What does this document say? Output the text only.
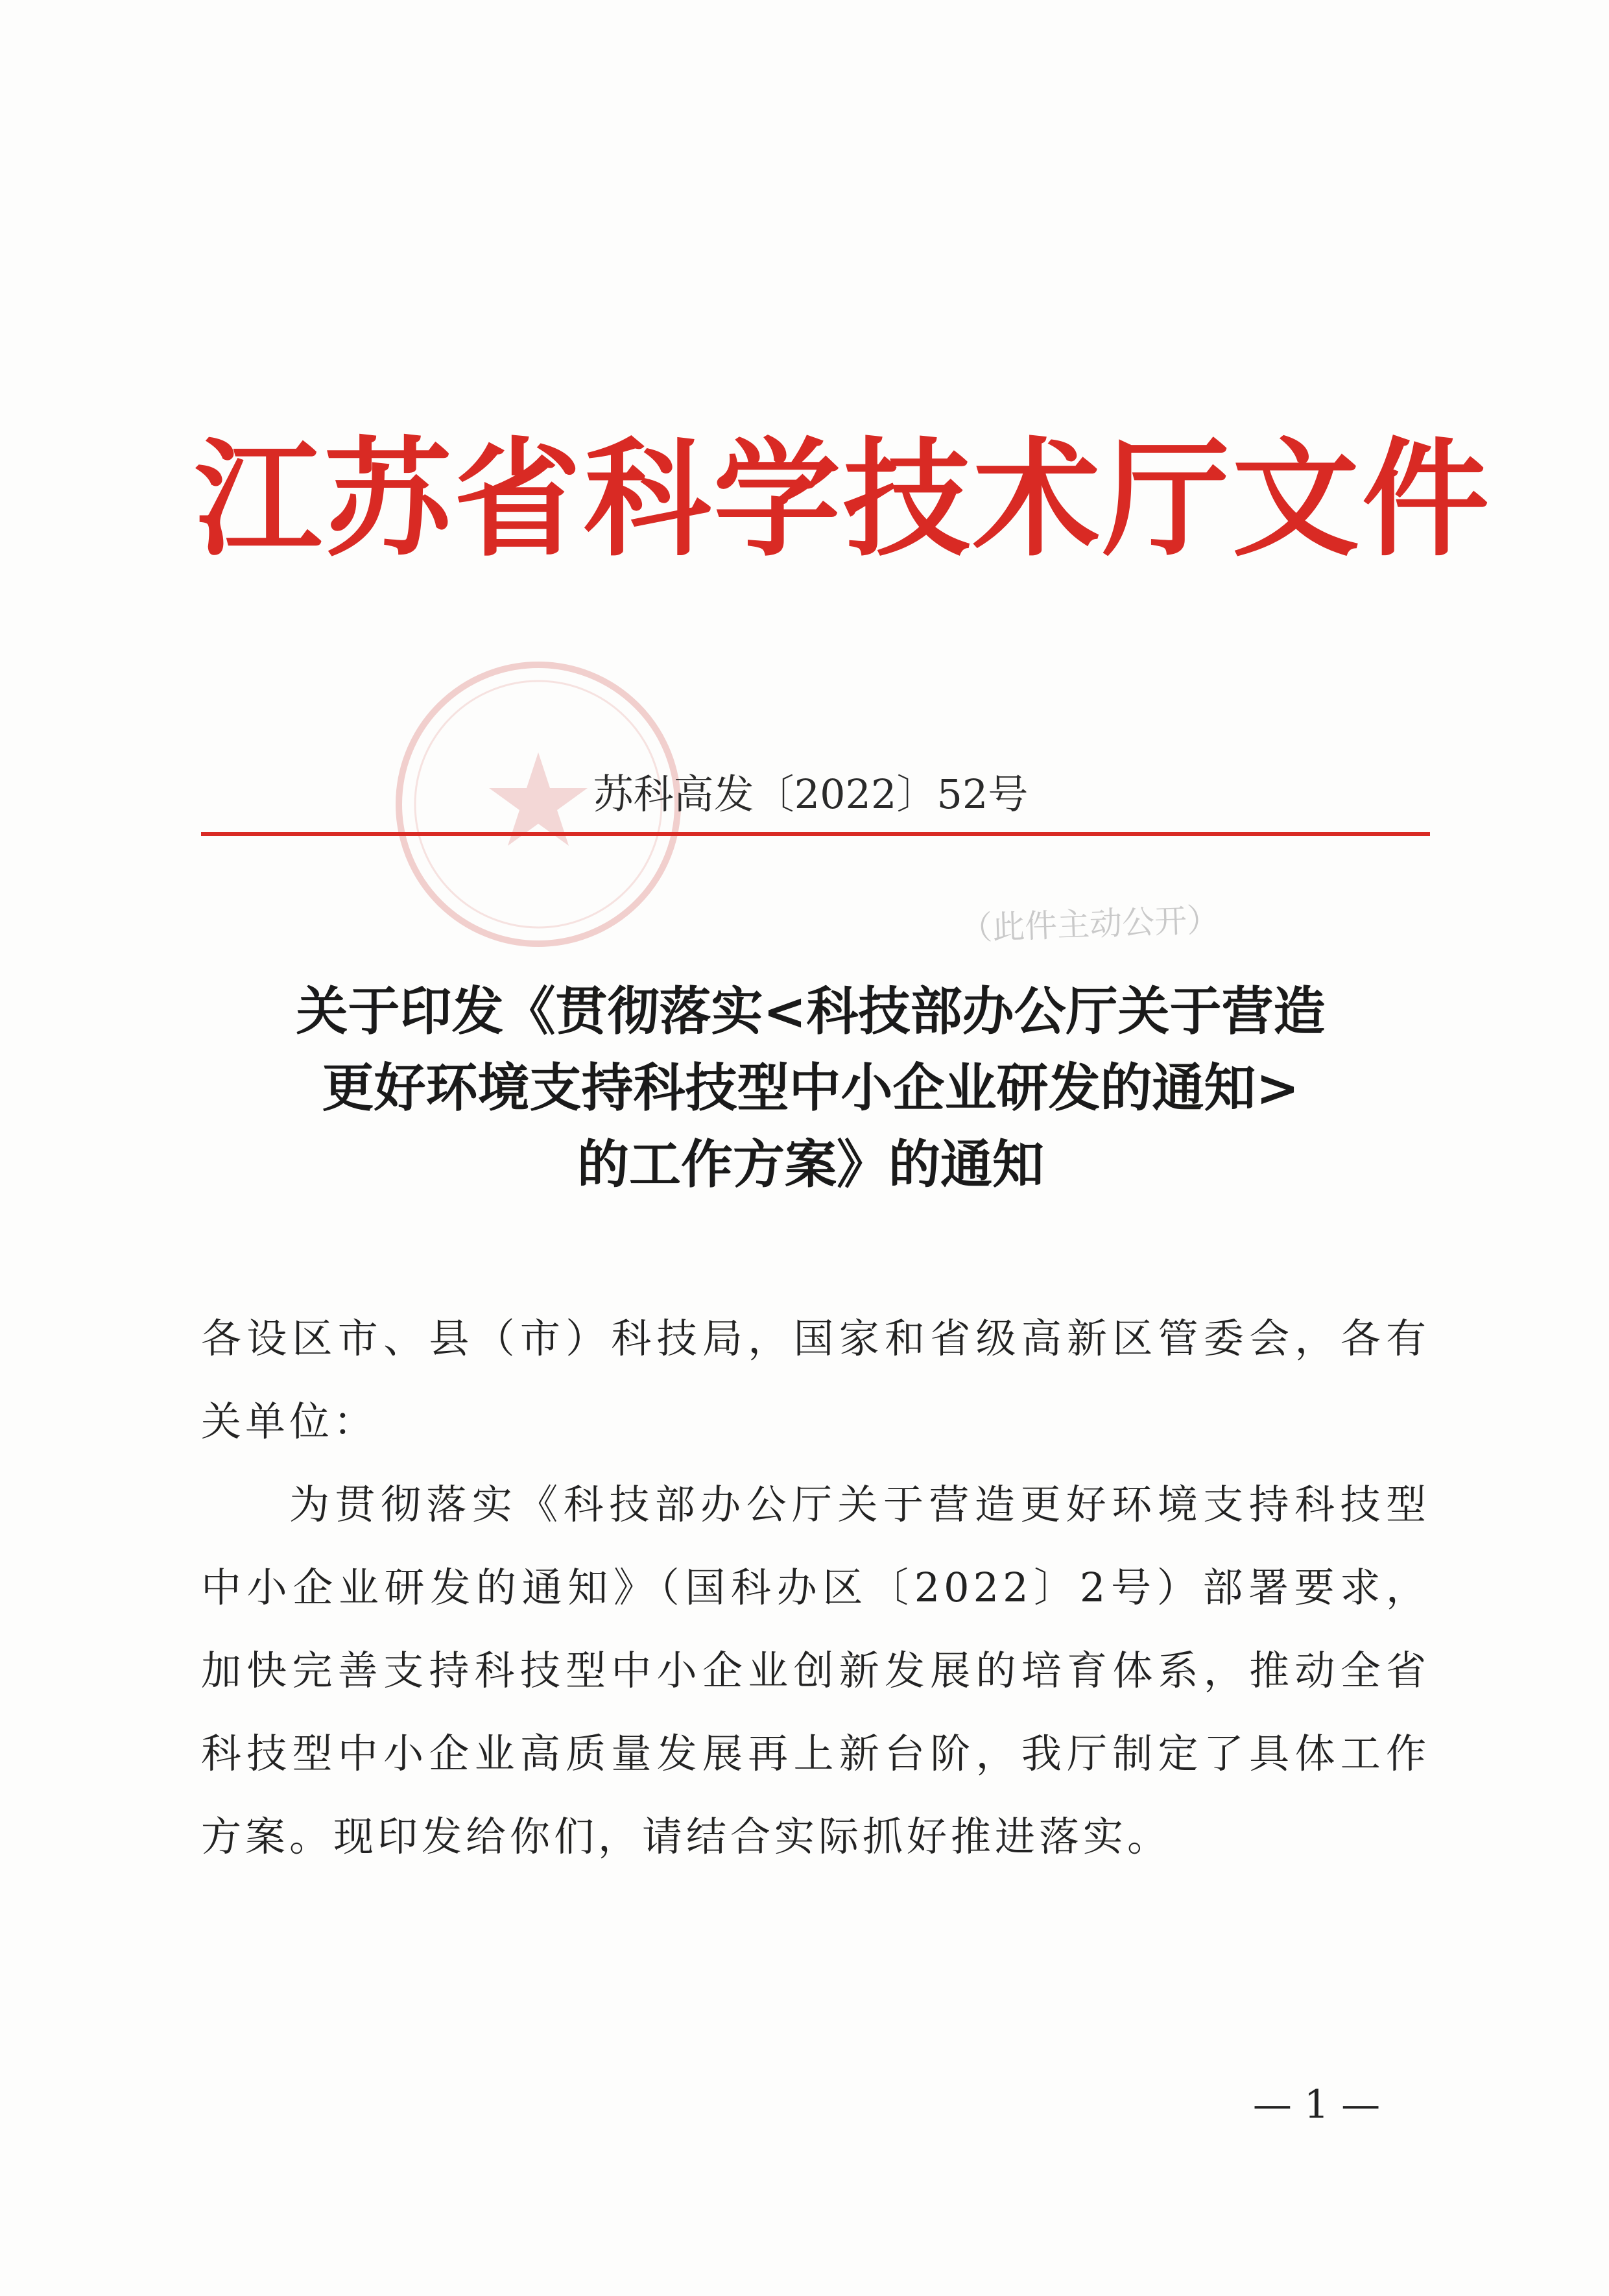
江苏省科学技术厅文件
苏科高发〔2022〕52号
（此件主动公开）
关于印发《贯彻落实<科技部办公厅关于营造
更好环境支持科技型中小企业研发的通知>
的工作方案》的通知

各设区市、县（市）科技局，国家和省级高新区管委会，各有关单位：

为贯彻落实《科技部办公厅关于营造更好环境支持科技型中小企业研发的通知》（国科办区〔2022〕2号）部署要求，加快完善支持科技型中小企业创新发展的培育体系，推动全省科技型中小企业高质量发展再上新台阶，我厅制定了具体工作方案。现印发给你们，请结合实际抓好推进落实。

— 1 —
